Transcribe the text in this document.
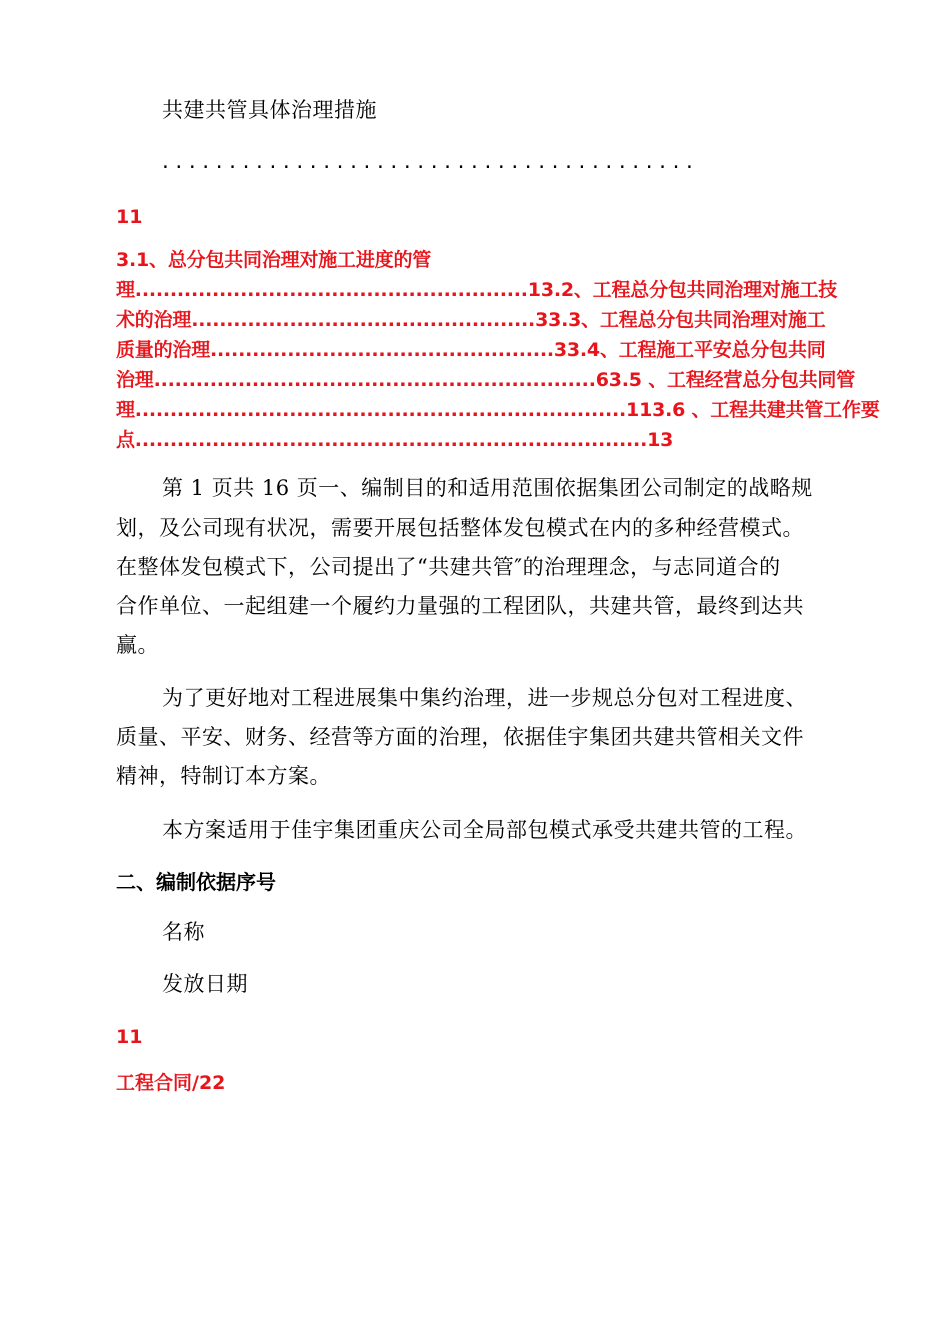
共建共管具体治理措施
........................................
11
3.1、总分包共同治理对施工进度的管
理........................................................13.2、工程总分包共同治理对施工技
术的治理.................................................33.3、工程总分包共同治理对施工
质量的治理.................................................33.4、工程施工平安总分包共同
治理...............................................................63.5 、工程经营总分包共同管
理......................................................................113.6 、工程共建共管工作要
点.........................................................................13
第 1 页共 16 页一、编制目的和适用范围依据集团公司制定的战略规
划，及公司现有状况，需要开展包括整体发包模式在内的多种经营模式。
在整体发包模式下，公司提出了“共建共管″的治理理念，与志同道合的
合作单位、一起组建一个履约力量强的工程团队，共建共管，最终到达共
赢。
为了更好地对工程进展集中集约治理，进一步规总分包对工程进度、
质量、平安、财务、经营等方面的治理，依据佳宇集团共建共管相关文件
精神，特制订本方案。
本方案适用于佳宇集团重庆公司全局部包模式承受共建共管的工程。
二、编制依据序号
名称
发放日期
11
工程合同/22
